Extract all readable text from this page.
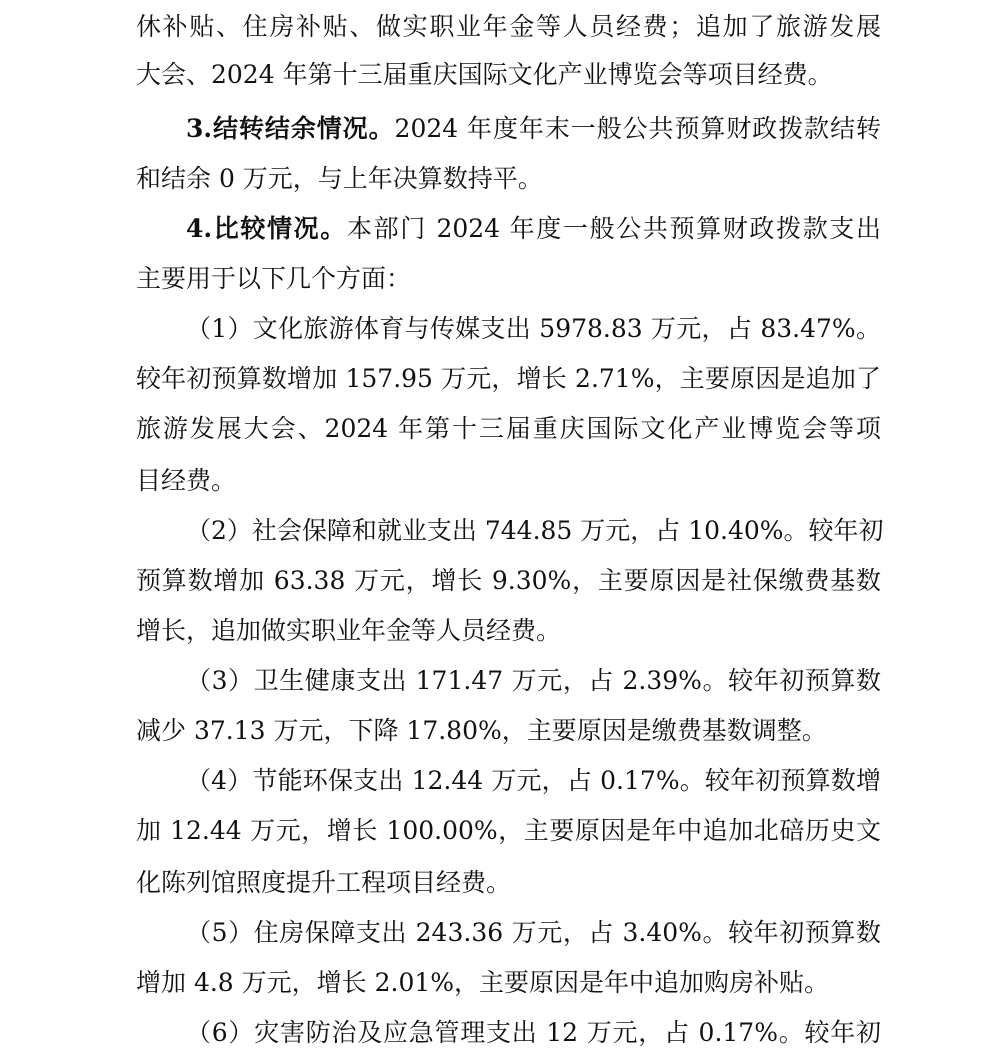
休补贴、住房补贴、做实职业年金等人员经费；追加了旅游发展
大会、2024 年第十三届重庆国际文化产业博览会等项目经费。
3.结转结余情况。2024 年度年末一般公共预算财政拨款结转
和结余 0 万元，与上年决算数持平。
4.比较情况。本部门 2024 年度一般公共预算财政拨款支出
主要用于以下几个方面：
（1）文化旅游体育与传媒支出 5978.83 万元，占 83.47%。
较年初预算数增加 157.95 万元，增长 2.71%，主要原因是追加了
旅游发展大会、2024 年第十三届重庆国际文化产业博览会等项
目经费。
（2）社会保障和就业支出 744.85 万元，占 10.40%。较年初
预算数增加 63.38 万元，增长 9.30%，主要原因是社保缴费基数
增长，追加做实职业年金等人员经费。
（3）卫生健康支出 171.47 万元，占 2.39%。较年初预算数
减少 37.13 万元，下降 17.80%，主要原因是缴费基数调整。
（4）节能环保支出 12.44 万元，占 0.17%。较年初预算数增
加 12.44 万元，增长 100.00%，主要原因是年中追加北碚历史文
化陈列馆照度提升工程项目经费。
（5）住房保障支出 243.36 万元，占 3.40%。较年初预算数
增加 4.8 万元，增长 2.01%，主要原因是年中追加购房补贴。
（6）灾害防治及应急管理支出 12 万元，占 0.17%。较年初
